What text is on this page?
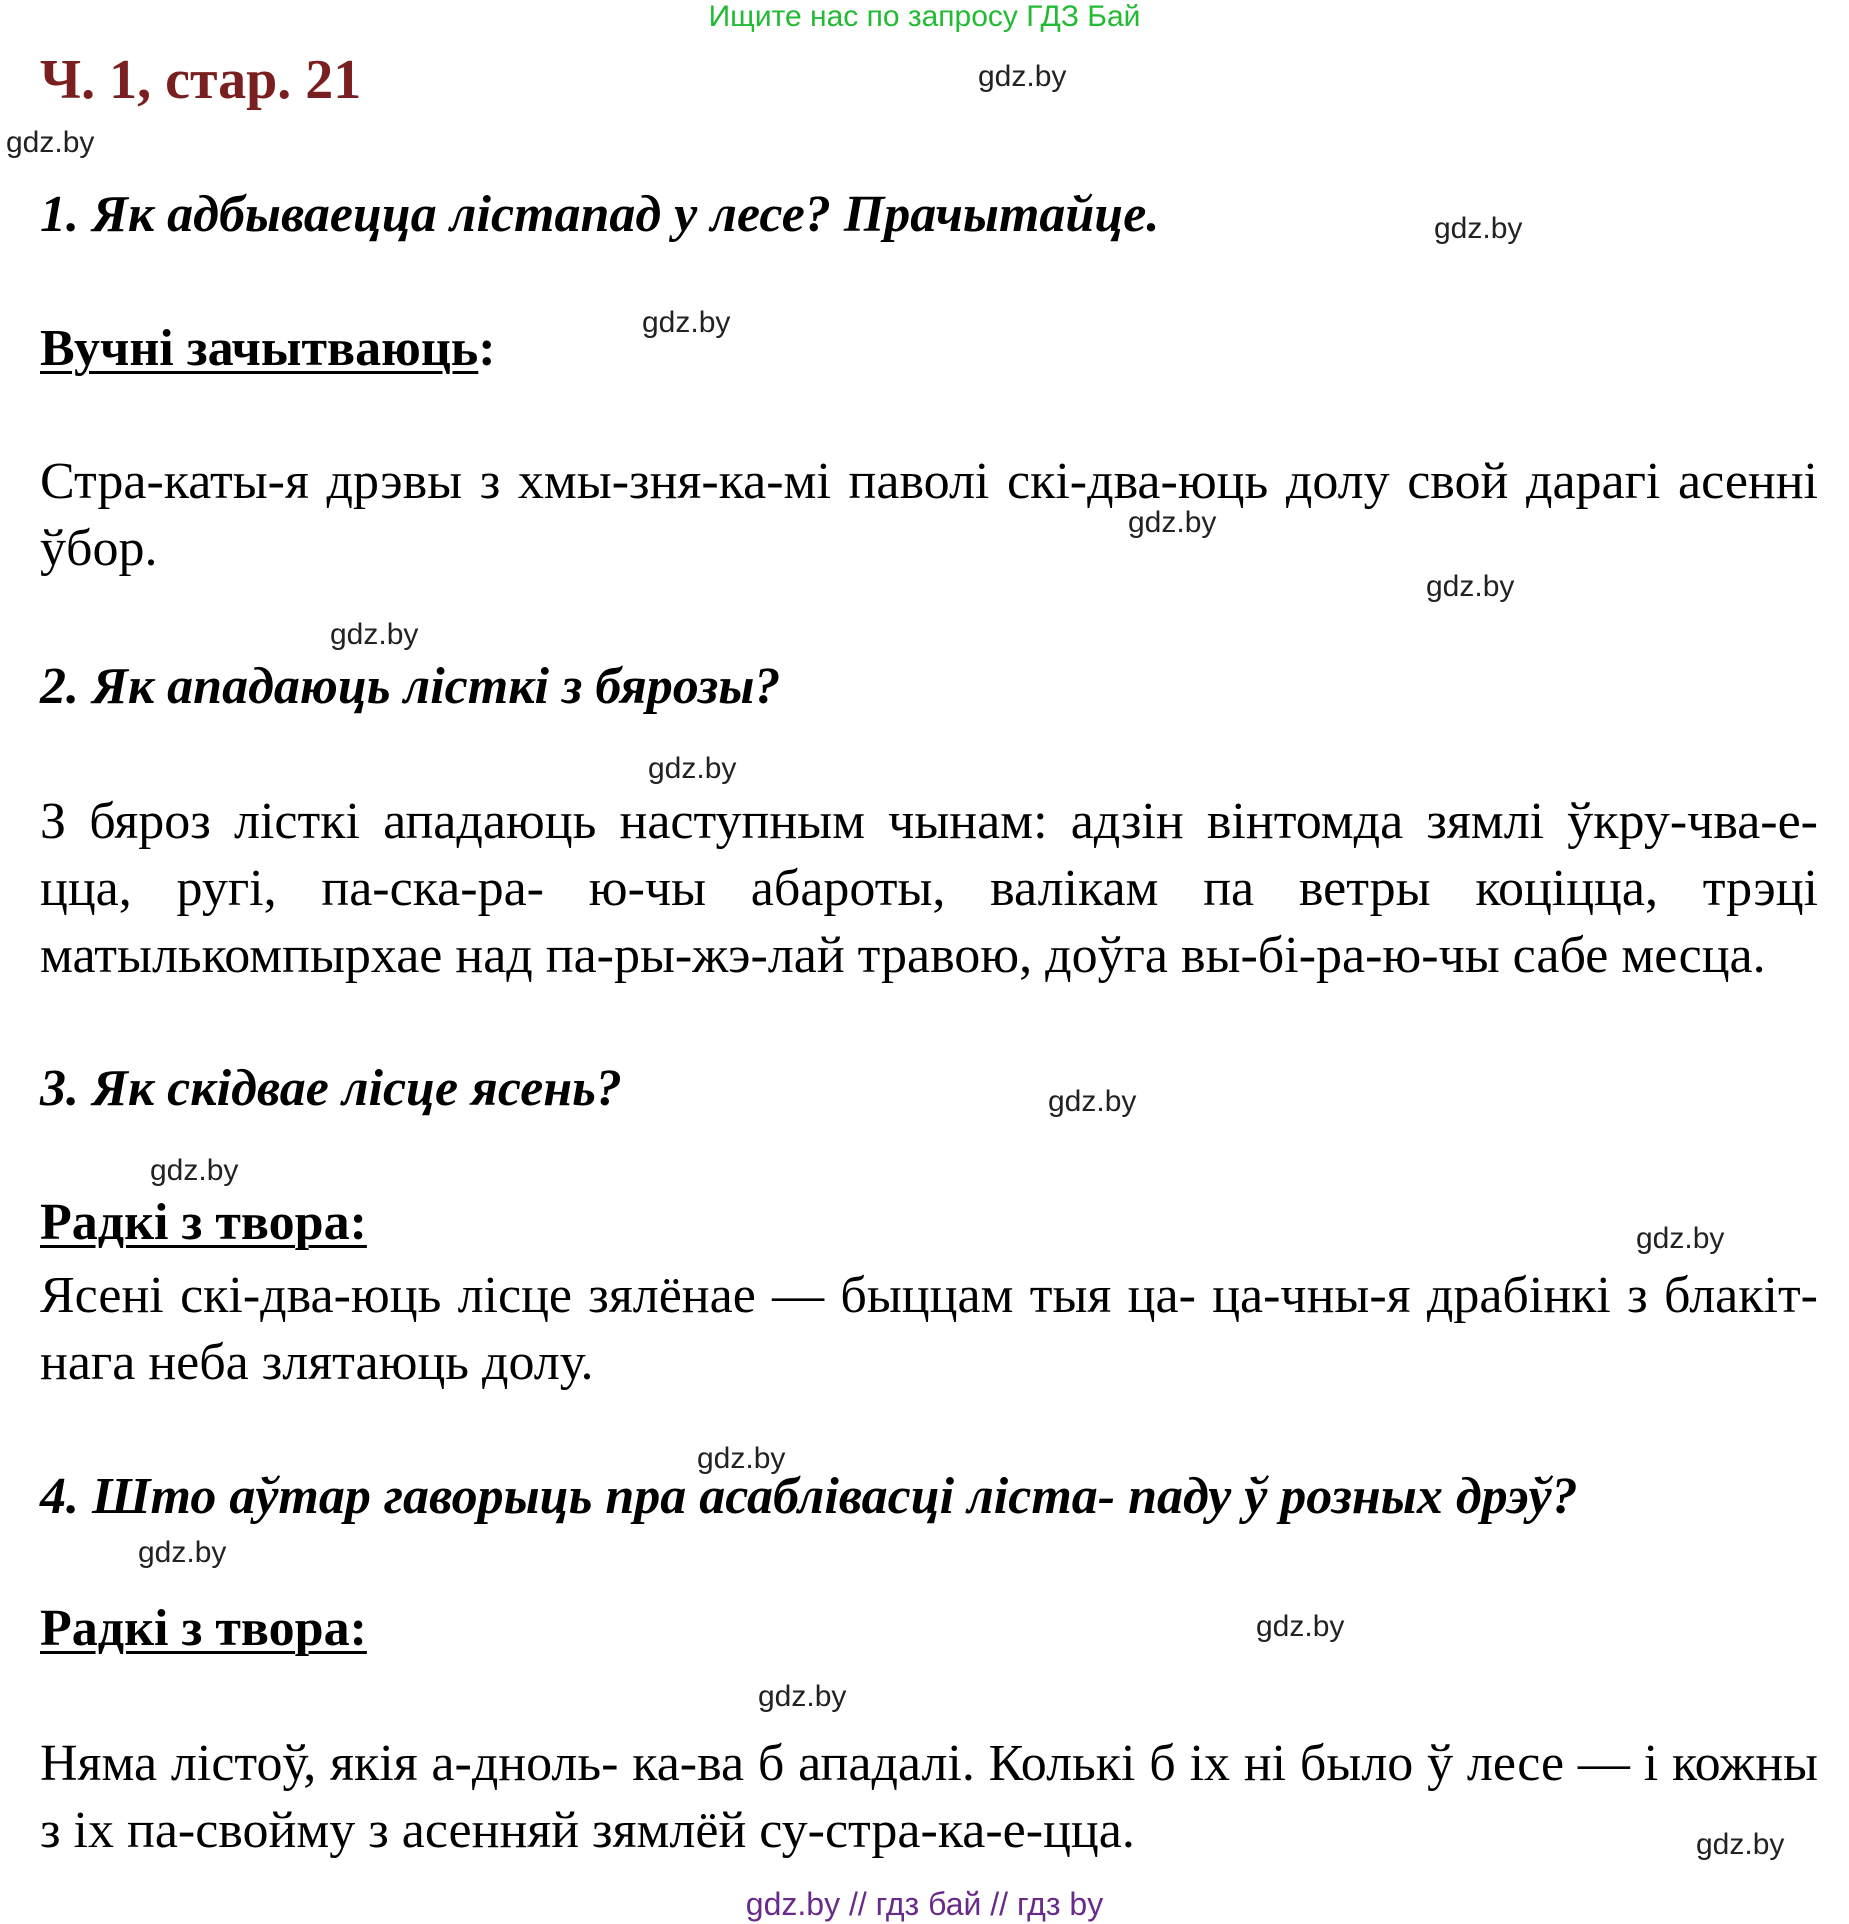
Ищите нас по запросу ГДЗ Бай
Ч. 1, стар. 21	gdz.by
gdz.by
gdz.by
gdz.by
gdz.by
gdz.by
gdz.by
gdz.by
gdz.by
gdz.by
gdz.by
gdz.by
gdz.by
gdz.by
gdz.by
gdz.by
1. Як адбываецца лістапад у лесе? Прачытайце.
Вучні зачытваюць:

Стра-каты-я дрэвы з хмы-зня-ка-мі паволі скі-два-юць долу свой дарагі асенні ўбор.

2. Як ападаюць лісткі з бярозы?

З бяроз лісткі ападаюць наступным чынам: адзін вінтомда зямлі ўкру-чва-е-цца, ругі, па-ска-ра- ю-чы абароты, валікам па ветры коціцца, трэці матылькомпырхае над па-ры-жэ-лай травою, доўга вы-бі-ра-ю-чы сабе месца.

3. Як скідвае лісце ясень?
Радкі з твора:

Ясені скі-два-юць лісце зялёнае — быццам тыя ца- ца-чны-я драбінкі з блакіт- нага неба злятаюць долу.

4. Што аўтар гаворыць пра асаблівасці ліста- паду ў розных дрэў?
Радкі з твора:

Няма лістоў, якія а-дноль- ка-ва б ападалі. Колькі б іх ні было ў лесе — і кожны з іх па-свойму з асенняй зямлёй су-стра-ка-е-цца.

gdz.by // гдз бай // гдз by
